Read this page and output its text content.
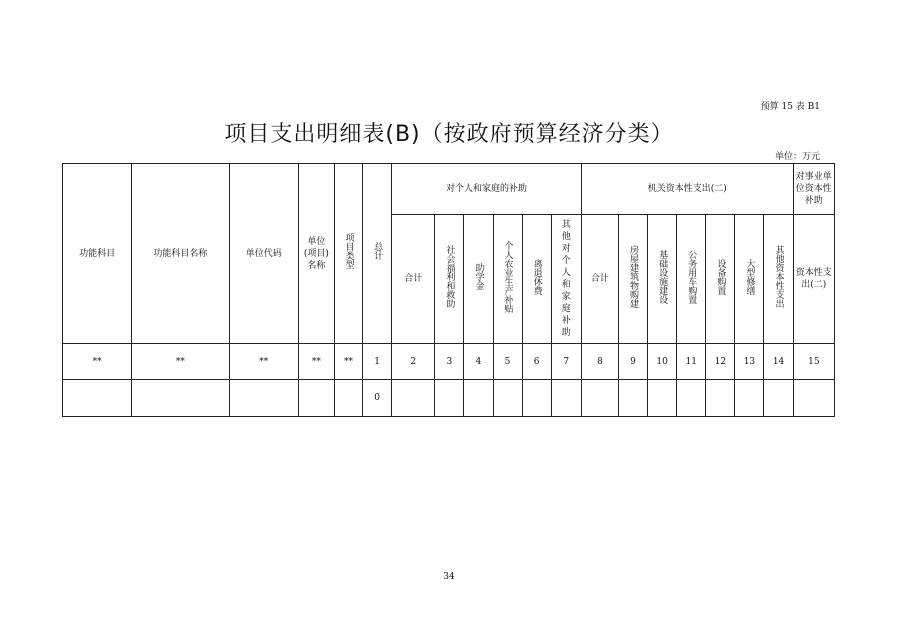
预算 15 表 B1
项目支出明细表(B)（按政府预算经济分类）
单位：万元
功能科目	功能科目名称	单位代码	单位(项目)名称	项目类型	总计	对个人和家庭的补助						机关资本性支出(二)							对事业单位资本性补助

						合计	社会福利和救助	助学金	个人农业生产补贴	离退休费	其他对个人和家庭补助	合计	房屋建筑物购建	基础设施建设	公务用车购置	设备购置	大型修缮	其他资本性支出	资本性支出(二)

**	**	**	**	**	1	2	3	4	5	6	7	8	9	10	11	12	13	14	15
					0														
34
